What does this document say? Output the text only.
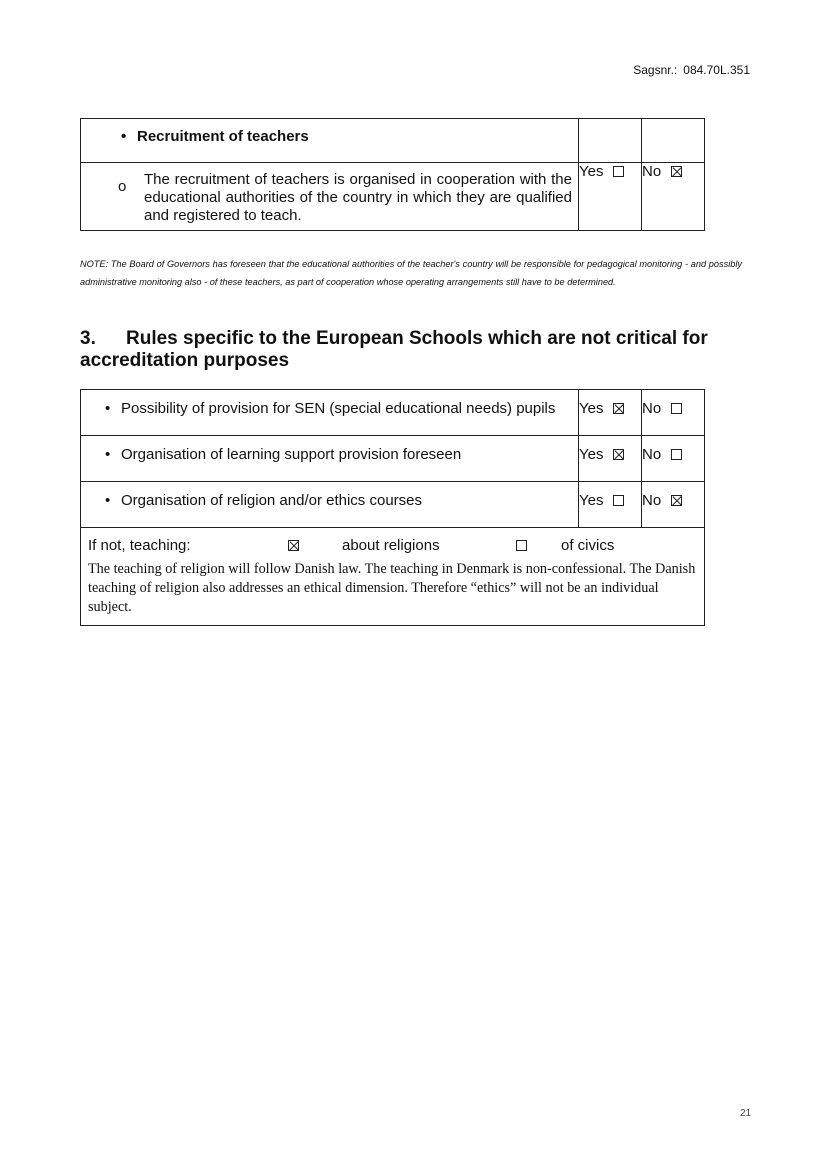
Sagsnr.: 084.70L.351
• Recruitment of teachers		

o The recruitment of teachers is organised in cooperation with the educational authorities of the country in which they are qualified and registered to teach.	Yes	No
NOTE: The Board of Governors has foreseen that the educational authorities of the teacher's country will be responsible for pedagogical monitoring - and possibly administrative monitoring also - of these teachers, as part of cooperation whose operating arrangements still have to be determined.
3. Rules specific to the European Schools which are not critical for accreditation purposes
• Possibility of provision for SEN (special educational needs) pupils	Yes	No
• Organisation of learning support provision foreseen	Yes	No
• Organisation of religion and/or ethics courses	Yes	No

If not, teaching: about religions of civics
The teaching of religion will follow Danish law. The teaching in Denmark is non-confessional. The Danish teaching of religion also addresses an ethical dimension. Therefore “ethics” will not be an individual subject.		
21
